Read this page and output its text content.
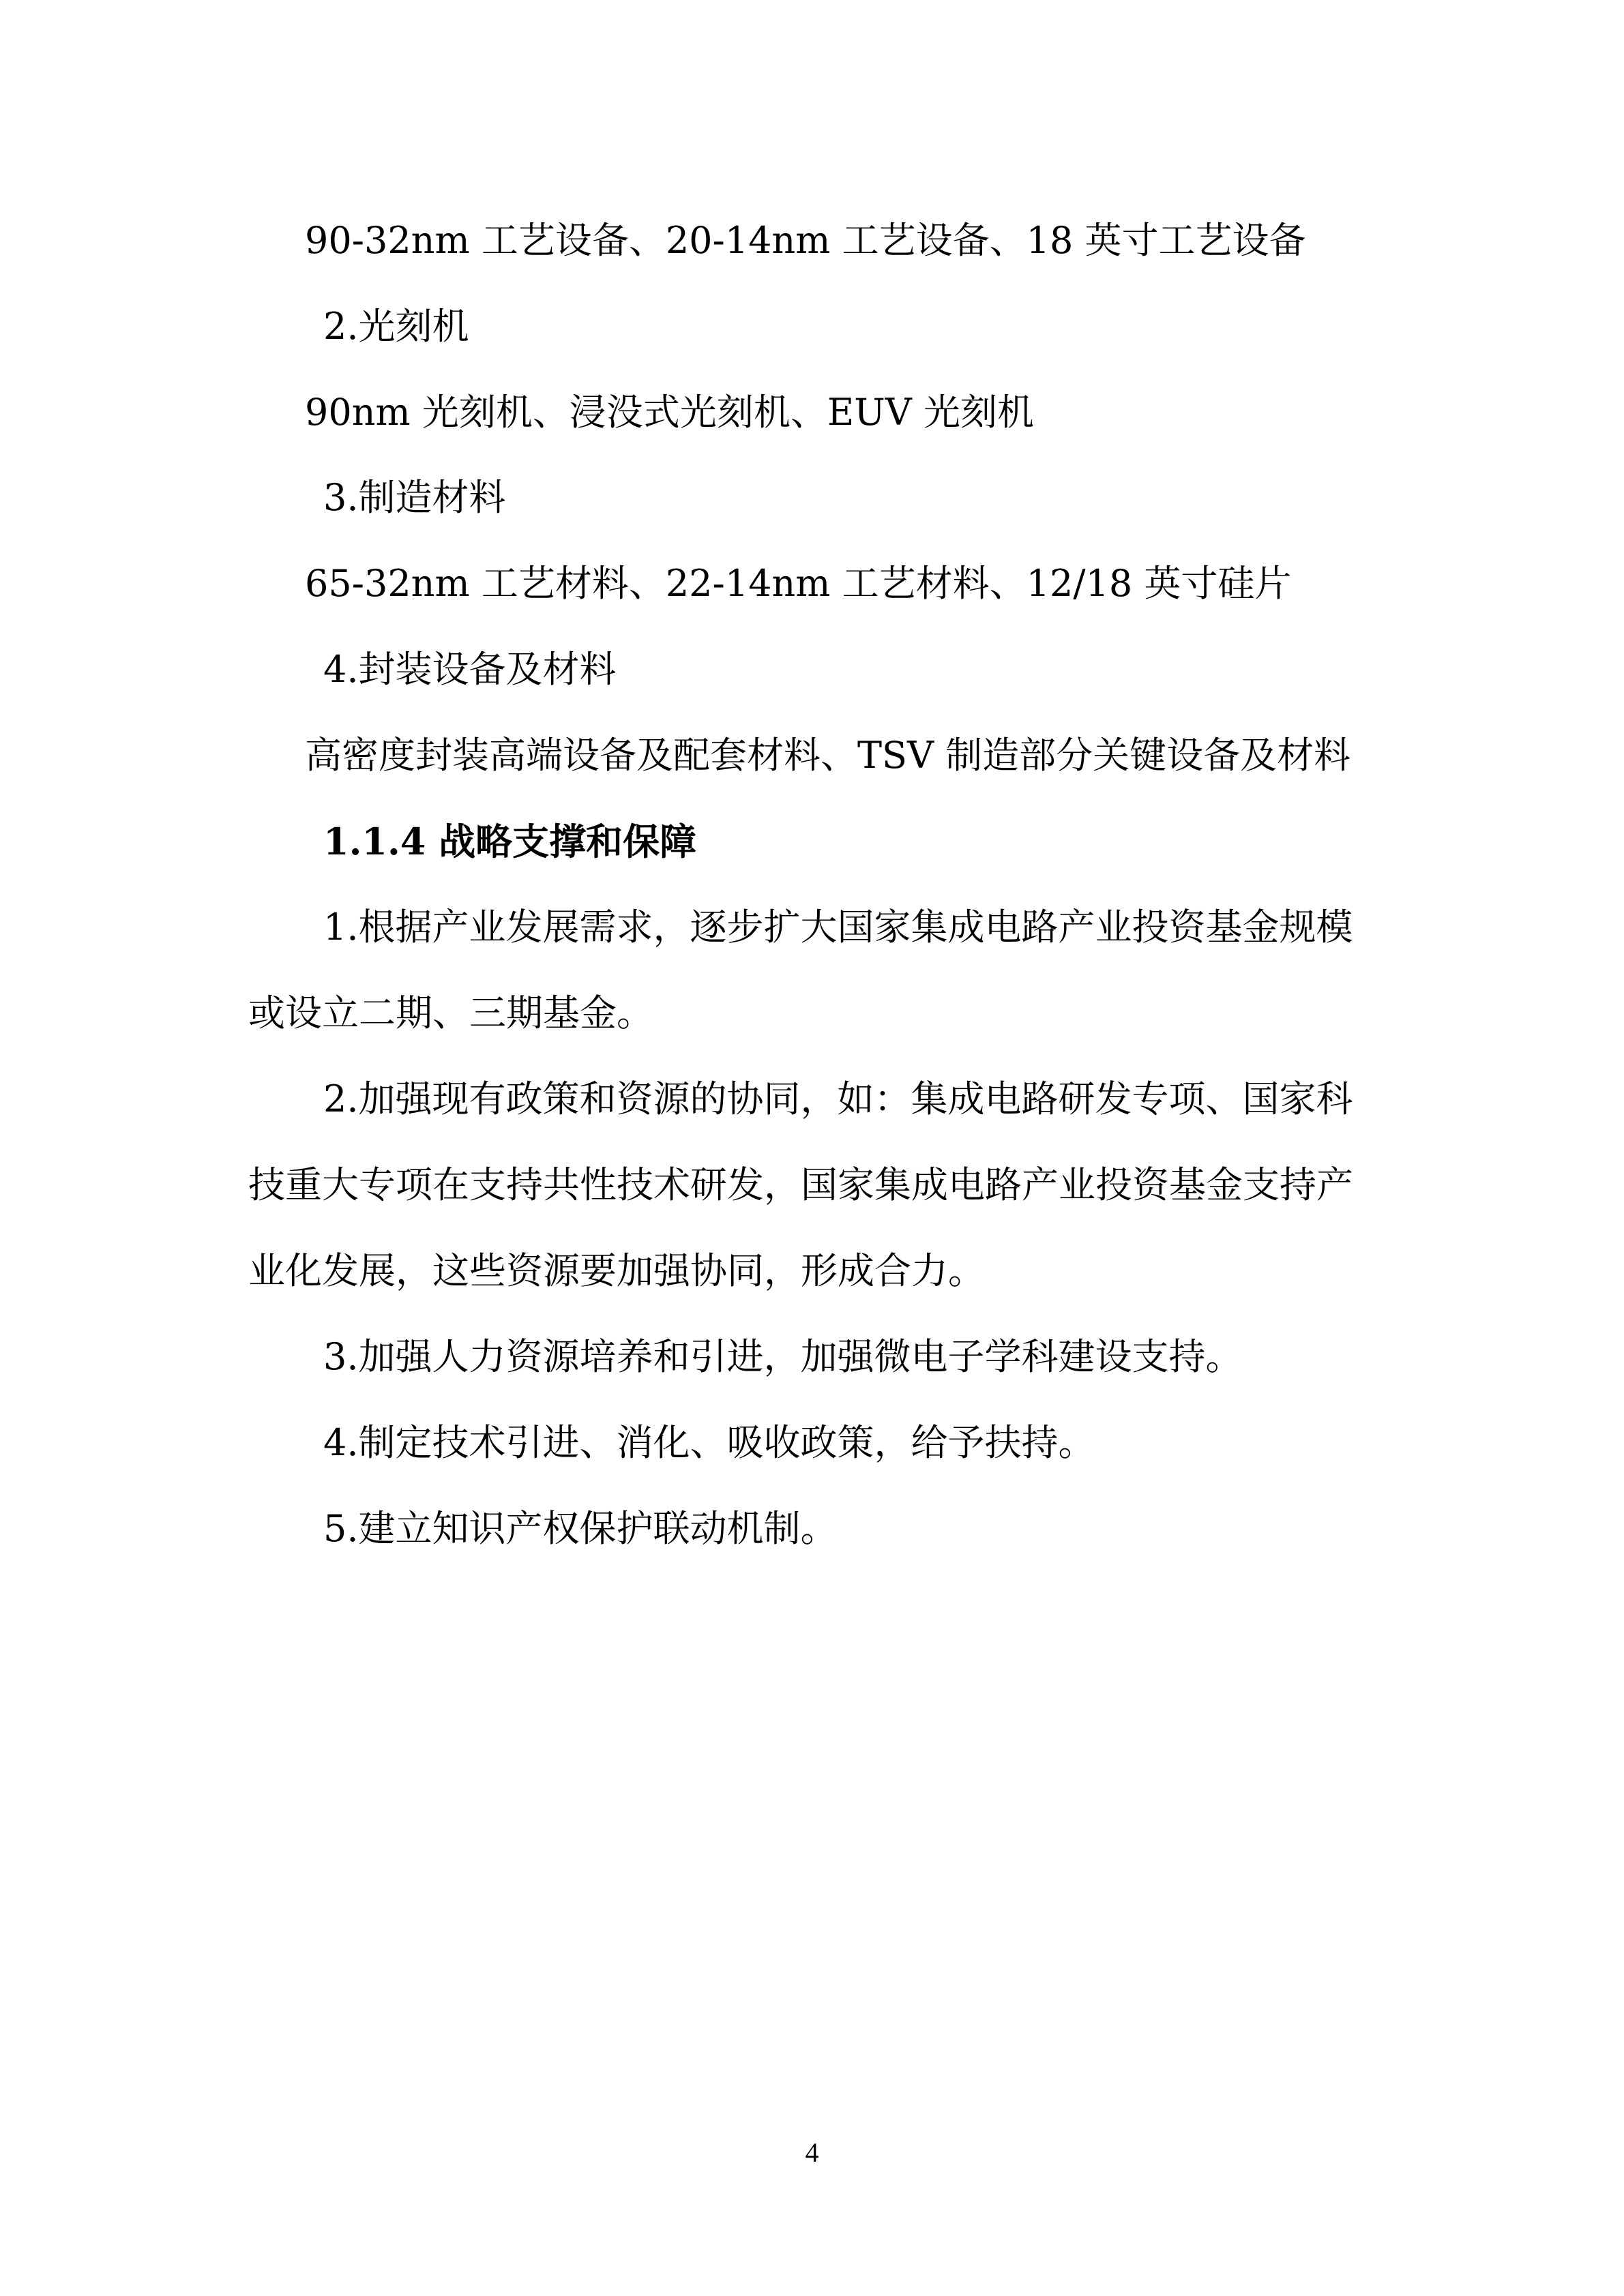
90-32nm 工艺设备、20-14nm 工艺设备、18 英寸工艺设备
2.光刻机
90nm 光刻机、浸没式光刻机、EUV 光刻机
3.制造材料
65-32nm 工艺材料、22-14nm 工艺材料、12/18 英寸硅片
4.封装设备及材料
高密度封装高端设备及配套材料、TSV 制造部分关键设备及材料
1.1.4 战略支撑和保障
1.根据产业发展需求，逐步扩大国家集成电路产业投资基金规模
或设立二期、三期基金。
2.加强现有政策和资源的协同，如：集成电路研发专项、国家科
技重大专项在支持共性技术研发，国家集成电路产业投资基金支持产
业化发展，这些资源要加强协同，形成合力。
3.加强人力资源培养和引进，加强微电子学科建设支持。
4.制定技术引进、消化、吸收政策，给予扶持。
5.建立知识产权保护联动机制。
4
